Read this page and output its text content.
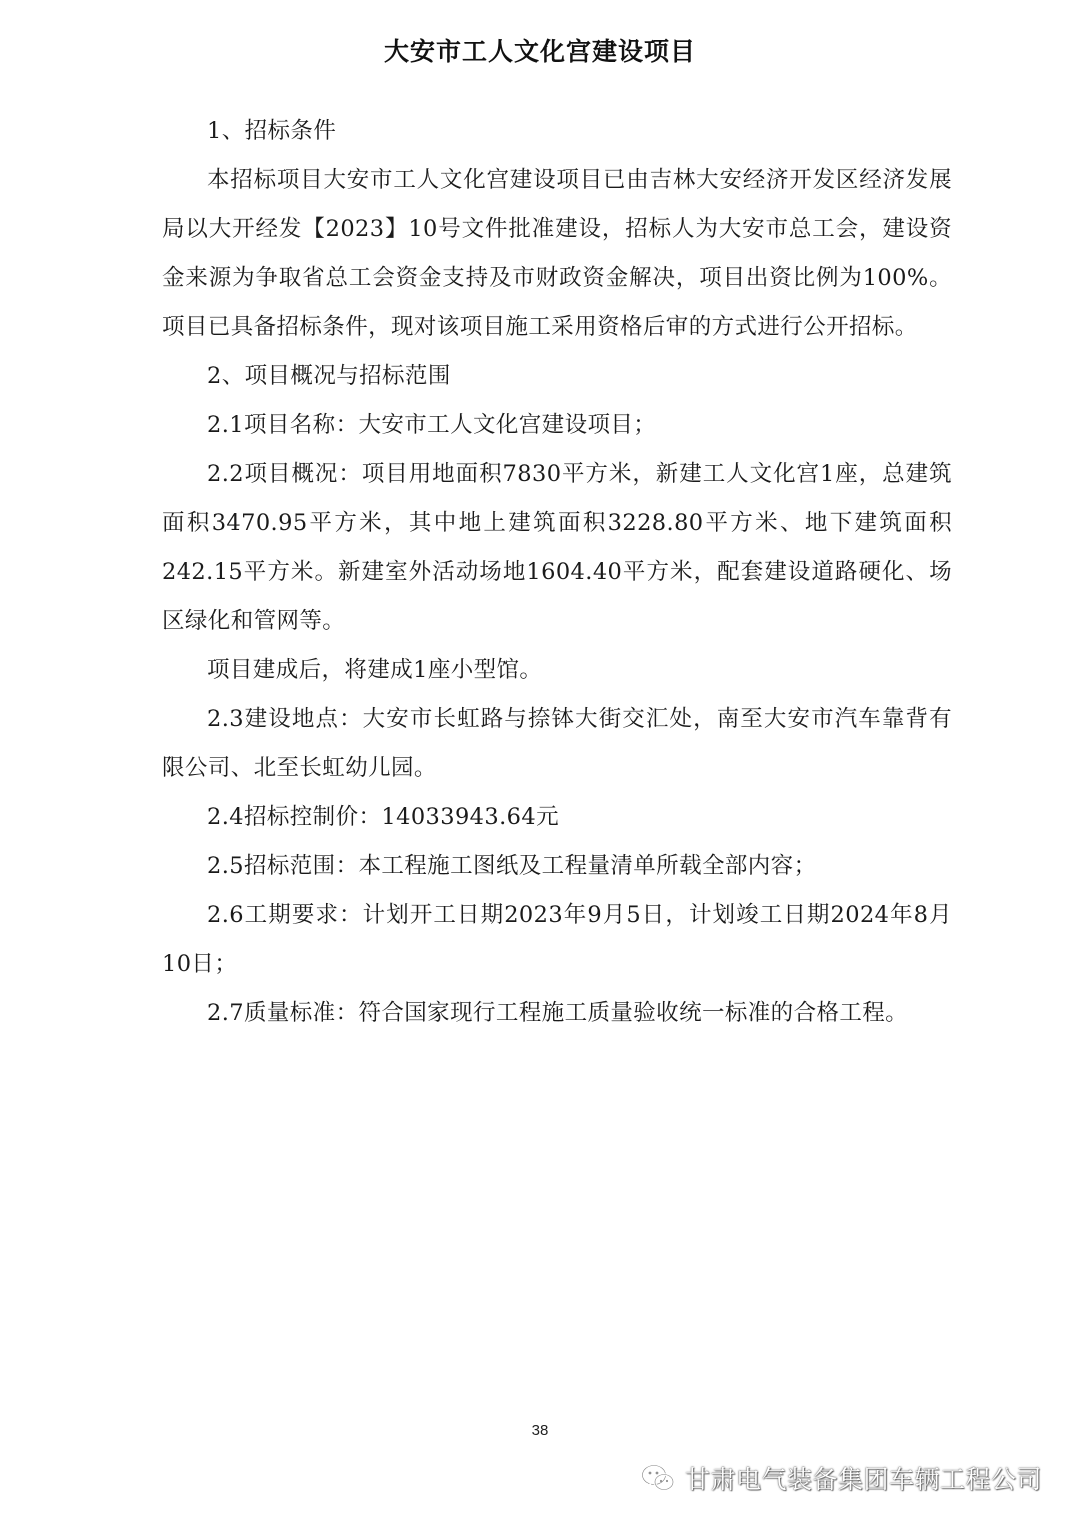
大安市工人文化宫建设项目

1、招标条件

本招标项目大安市工人文化宫建设项目已由吉林大安经济开发区经济发展局以大开经发【2023】10号文件批准建设，招标人为大安市总工会，建设资金来源为争取省总工会资金支持及市财政资金解决，项目出资比例为100%。项目已具备招标条件，现对该项目施工采用资格后审的方式进行公开招标。

2、项目概况与招标范围

2.1项目名称：大安市工人文化宫建设项目；

2.2项目概况：项目用地面积7830平方米，新建工人文化宫1座，总建筑面积3470.95平方米，其中地上建筑面积3228.80平方米、地下建筑面积242.15平方米。新建室外活动场地1604.40平方米，配套建设道路硬化、场区绿化和管网等。

项目建成后，将建成1座小型馆。

2.3建设地点：大安市长虹路与捺钵大街交汇处，南至大安市汽车靠背有限公司、北至长虹幼儿园。

2.4招标控制价：14033943.64元

2.5招标范围：本工程施工图纸及工程量清单所载全部内容；

2.6工期要求：计划开工日期2023年9月5日，计划竣工日期2024年8月10日；

2.7质量标准：符合国家现行工程施工质量验收统一标准的合格工程。

38
甘肃电气装备集团车辆工程公司
